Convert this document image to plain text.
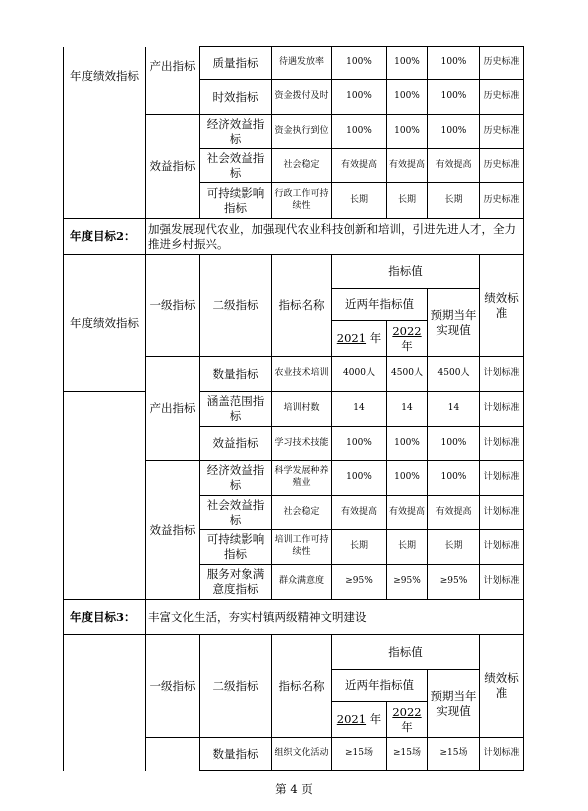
年度绩效指标	产出指标	质量指标	待遇发放率	100%	100%	100%	历史标准
		时效指标	资金拨付及时	100%	100%	100%	历史标准
	效益指标	经济效益指标	资金执行到位	100%	100%	100%	历史标准
		社会效益指标	社会稳定	有效提高	有效提高	有效提高	历史标准
		可持续影响指标	行政工作可持续性	长期	长期	长期	历史标准
年度目标2：	加强发展现代农业，加强现代农业科技创新和培训，引进先进人才，全力推进乡村振兴。						
年度绩效指标	一级指标	二级指标	指标名称	指标值			绩效标准
				近两年指标值		预期当年实现值	
				2021 年	2022
年		
	产出指标	数量指标	农业技术培训	4000人	4500人	4500人	计划标准
		涵盖范围指标	培训村数	14	14	14	计划标准
		效益指标	学习技术技能	100%	100%	100%	计划标准
	效益指标	经济效益指标	科学发展种养殖业	100%	100%	100%	计划标准
		社会效益指标	社会稳定	有效提高	有效提高	有效提高	计划标准
		可持续影响指标	培训工作可持续性	长期	长期	长期	计划标准
		服务对象满意度指标	群众满意度	≥95%	≥95%	≥95%	计划标准
年度目标3：	丰富文化生活，夯实村镇两级精神文明建设						
	一级指标	二级指标	指标名称	指标值			绩效标准
				近两年指标值		预期当年实现值	
				2021 年	2022
年		
		数量指标	组织文化活动	≥15场	≥15场	≥15场	计划标准
第 4 页
